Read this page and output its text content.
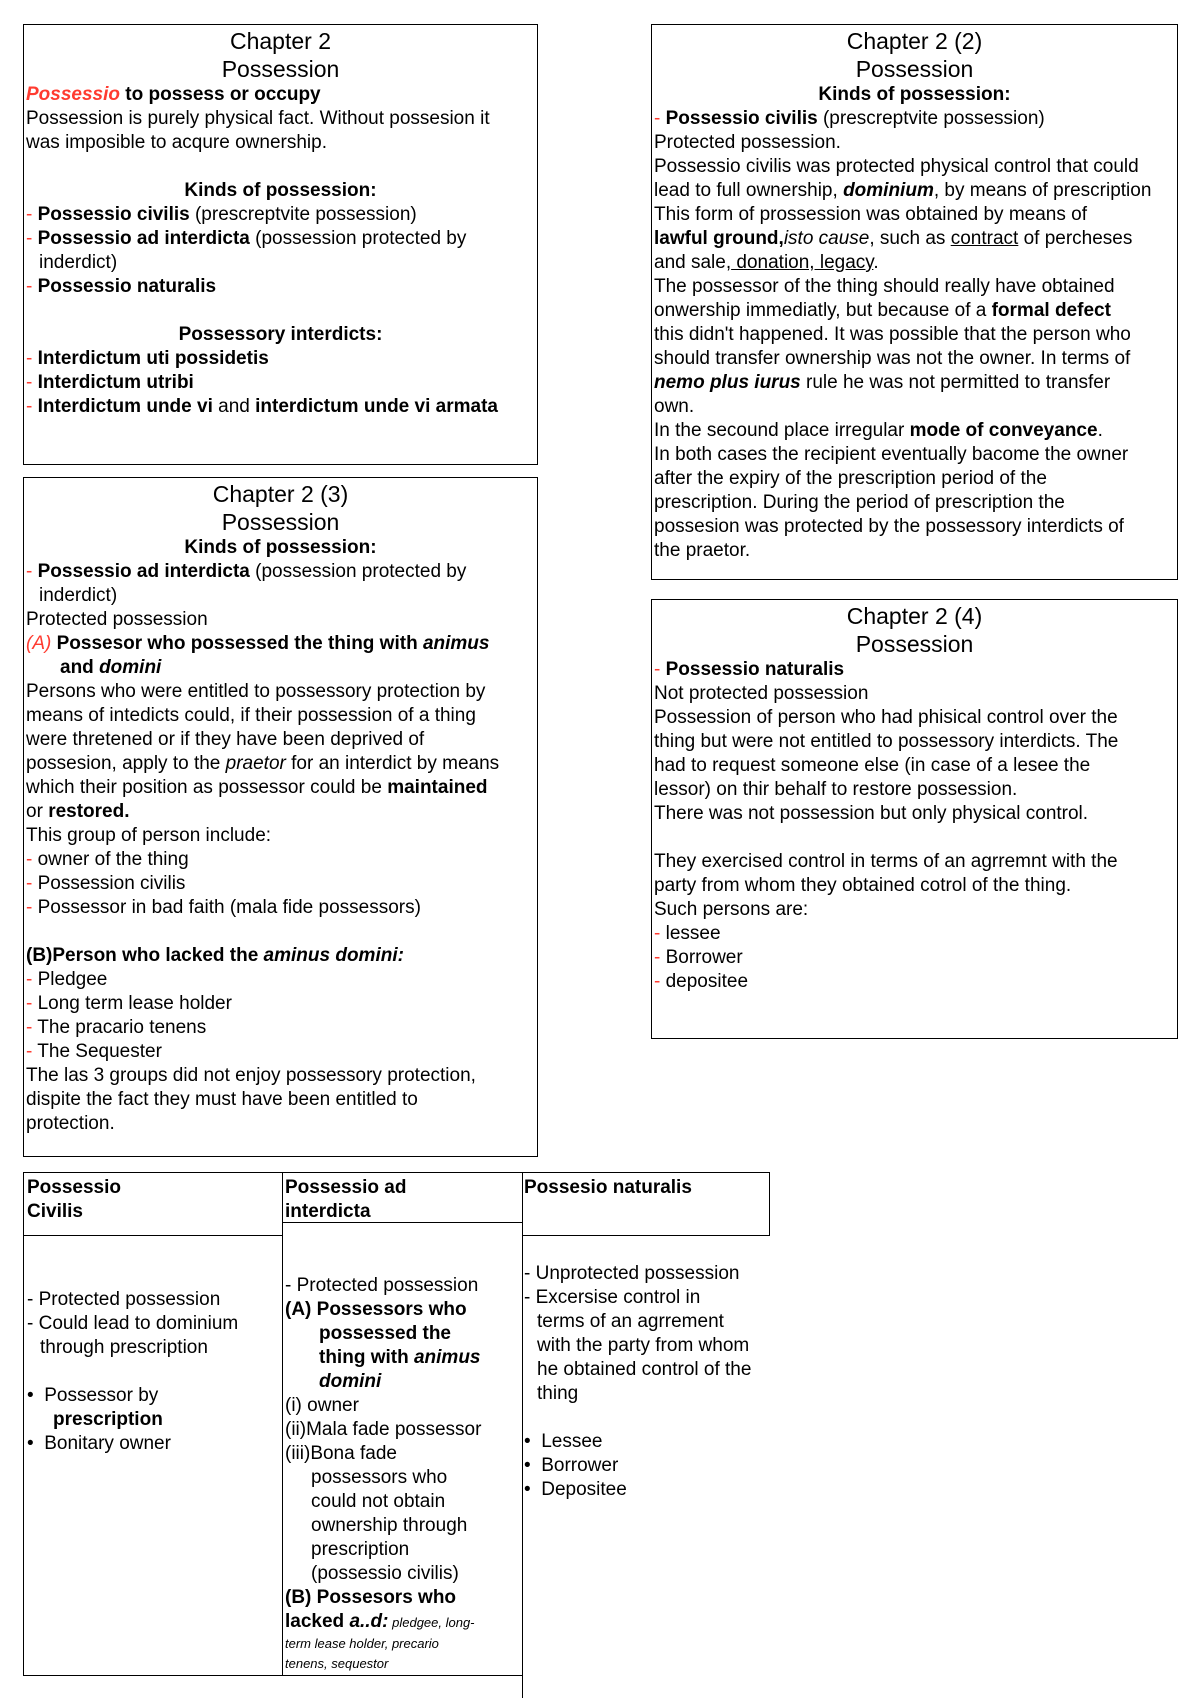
Chapter 2
Possession
Possessio to possess or occupy
Possession is purely physical fact. Without possesion it
was imposible to acqure ownership.
Kinds of possession:
- Possessio civilis (prescreptvite possession)
- Possessio ad interdicta (possession protected by
inderdict)
- Possessio naturalis
Possessory interdicts:
- Interdictum uti possidetis
- Interdictum utribi
- Interdictum unde vi and interdictum unde vi armata
Chapter 2 (2)
Possession
Kinds of possession:
- Possessio civilis (prescreptvite possession)
Protected possession.
Possessio civilis was protected physical control that could
lead to full ownership, dominium, by means of prescription
This form of prossession was obtained by means of
lawful ground,isto cause, such as contract of percheses
and sale, donation, legacy.
The possessor of the thing should really have obtained
onwership immediatly, but because of a formal defect
this didn't happened. It was possible that the person who
should transfer ownership was not the owner. In terms of
nemo plus iurus rule he was not permitted to transfer
own.
In the secound place irregular mode of conveyance.
In both cases the recipient eventually bacome the owner
after the expiry of the prescription period of the
prescription. During the period of prescription the
possesion was protected by the possessory interdicts of
the praetor.
Chapter 2 (3)
Possession
Kinds of possession:
- Possessio ad interdicta (possession protected by
inderdict)
Protected possession
(A) Possesor who possessed the thing with animus
and domini
Persons who were entitled to possessory protection by
means of intedicts could, if their possession of a thing
were thretened or if they have been deprived of
possesion, apply to the praetor for an interdict by means
which their position as possessor could be maintained
or restored.
This group of person include:
- owner of the thing
- Possession civilis
- Possessor in bad faith (mala fide possessors)
(B)Person who lacked the aminus domini:
- Pledgee
- Long term lease holder
- The pracario tenens
- The Sequester
The las 3 groups did not enjoy possessory protection,
dispite the fact they must have been entitled to
protection.
Chapter 2 (4)
Possession
- Possessio naturalis
Not protected possession
Possession of person who had phisical control over the
thing but were not entitled to possessory interdicts. The
had to request someone else (in case of a lesee the
lessor) on thir behalf to restore possession.
There was not possession but only physical control.
They exercised control in terms of an agrremnt with the
party from whom they obtained cotrol of the thing.
Such persons are:
- lessee
- Borrower
- depositee
Possessio
Civilis
Possessio ad
interdicta
Possesio naturalis
- Protected possession
- Could lead to dominium
through prescription
• Possessor by
prescription
• Bonitary owner
- Protected possession
(A) Possessors who
possessed the
thing with animus
domini
(i) owner
(ii)Mala fade possessor
(iii)Bona fade
possessors who
could not obtain
ownership through
prescription
(possessio civilis)
(B) Possesors who
lacked a..d: pledgee, long-
term lease holder, precario
tenens, sequestor
- Unprotected possession
- Excersise control in
terms of an agrrement
with the party from whom
he obtained control of the
thing
• Lessee
• Borrower
• Depositee
